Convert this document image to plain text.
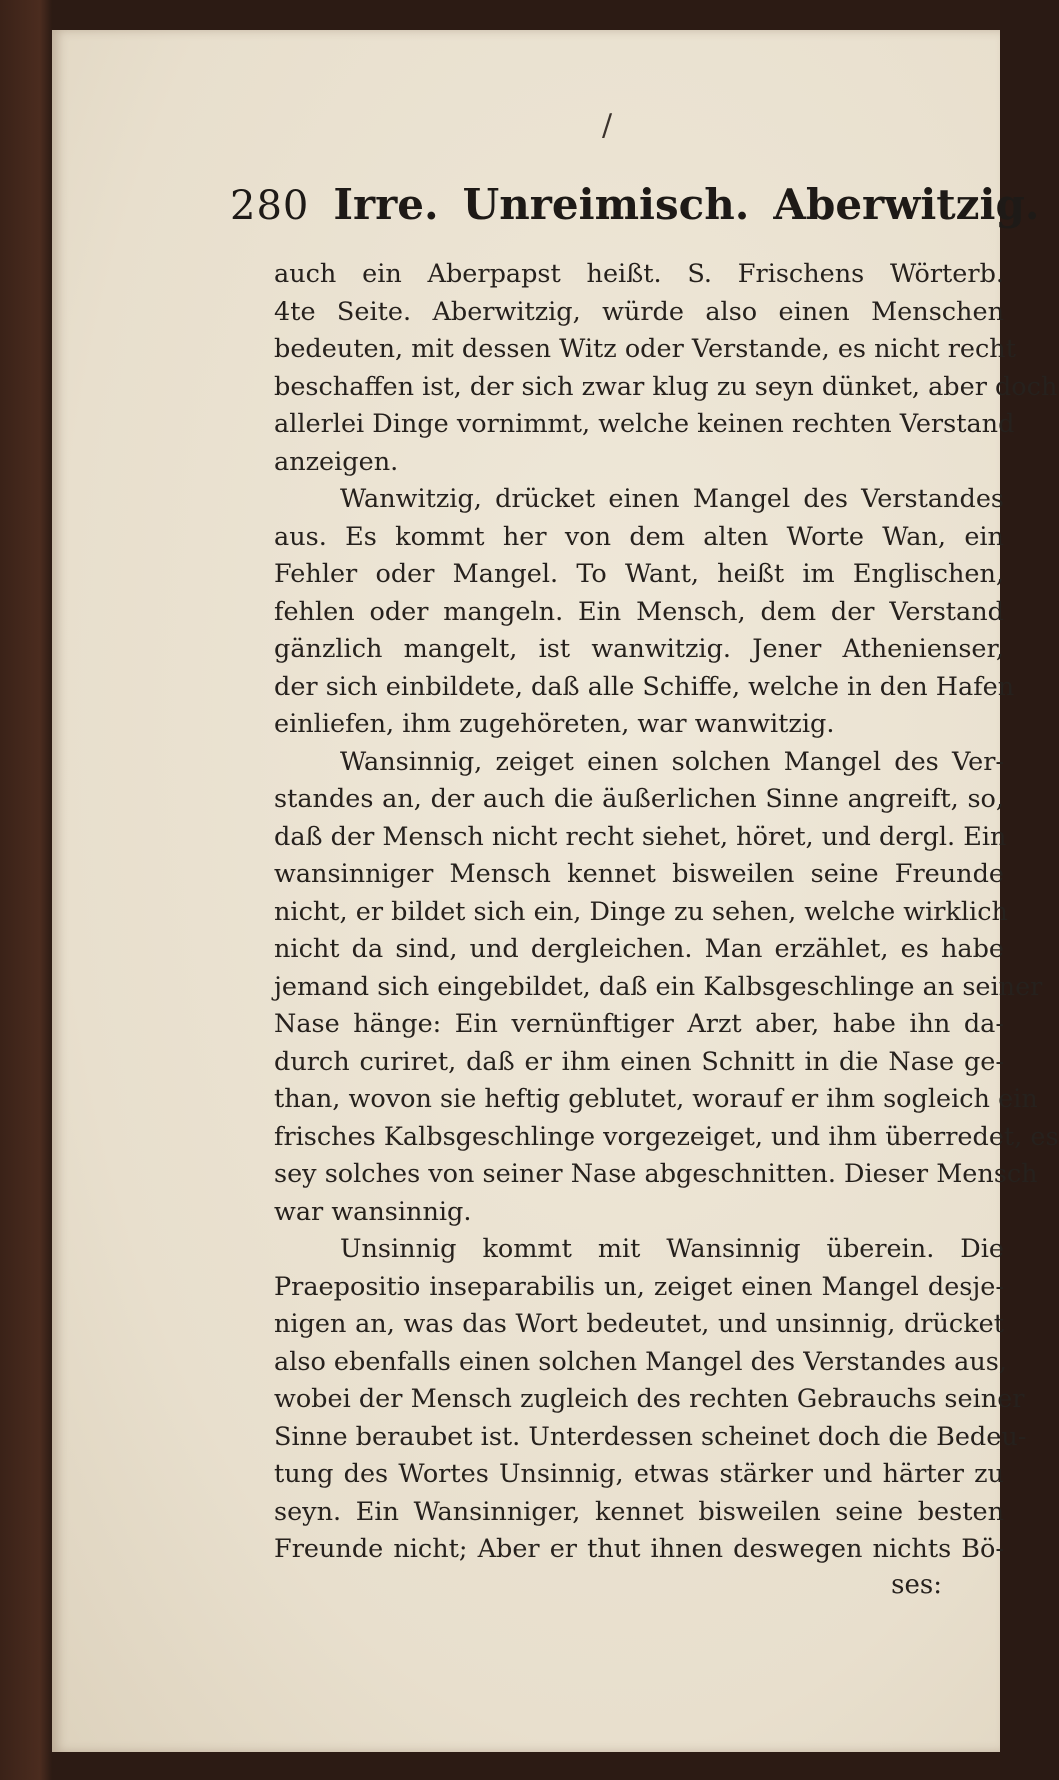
/
280 Irre. Unreimisch. Aberwitzig.
auch ein Aberpapst heißt. S. Frischens Wörterb.
4te Seite. Aberwitzig, würde also einen Menschen
bedeuten, mit dessen Witz oder Verstande, es nicht recht
beschaffen ist, der sich zwar klug zu seyn dünket, aber doch
allerlei Dinge vornimmt, welche keinen rechten Verstand
anzeigen.
Wanwitzig, drücket einen Mangel des Verstandes
aus. Es kommt her von dem alten Worte Wan, ein
Fehler oder Mangel. To Want, heißt im Englischen,
fehlen oder mangeln. Ein Mensch, dem der Verstand
gänzlich mangelt, ist wanwitzig. Jener Athenienser,
der sich einbildete, daß alle Schiffe, welche in den Hafen
einliefen, ihm zugehöreten, war wanwitzig.
Wansinnig, zeiget einen solchen Mangel des Ver-
standes an, der auch die äußerlichen Sinne angreift, so,
daß der Mensch nicht recht siehet, höret, und dergl. Ein
wansinniger Mensch kennet bisweilen seine Freunde
nicht, er bildet sich ein, Dinge zu sehen, welche wirklich
nicht da sind, und dergleichen. Man erzählet, es habe
jemand sich eingebildet, daß ein Kalbsgeschlinge an seiner
Nase hänge: Ein vernünftiger Arzt aber, habe ihn da-
durch curiret, daß er ihm einen Schnitt in die Nase ge-
than, wovon sie heftig geblutet, worauf er ihm sogleich ein
frisches Kalbsgeschlinge vorgezeiget, und ihm überredet, es
sey solches von seiner Nase abgeschnitten. Dieser Mensch
war wansinnig.
Unsinnig kommt mit Wansinnig überein. Die
Praepositio inseparabilis un, zeiget einen Mangel desje-
nigen an, was das Wort bedeutet, und unsinnig, drücket
also ebenfalls einen solchen Mangel des Verstandes aus,
wobei der Mensch zugleich des rechten Gebrauchs seiner
Sinne beraubet ist. Unterdessen scheinet doch die Bedeu-
tung des Wortes Unsinnig, etwas stärker und härter zu
seyn. Ein Wansinniger, kennet bisweilen seine besten
Freunde nicht; Aber er thut ihnen deswegen nichts Bö-
ses:
